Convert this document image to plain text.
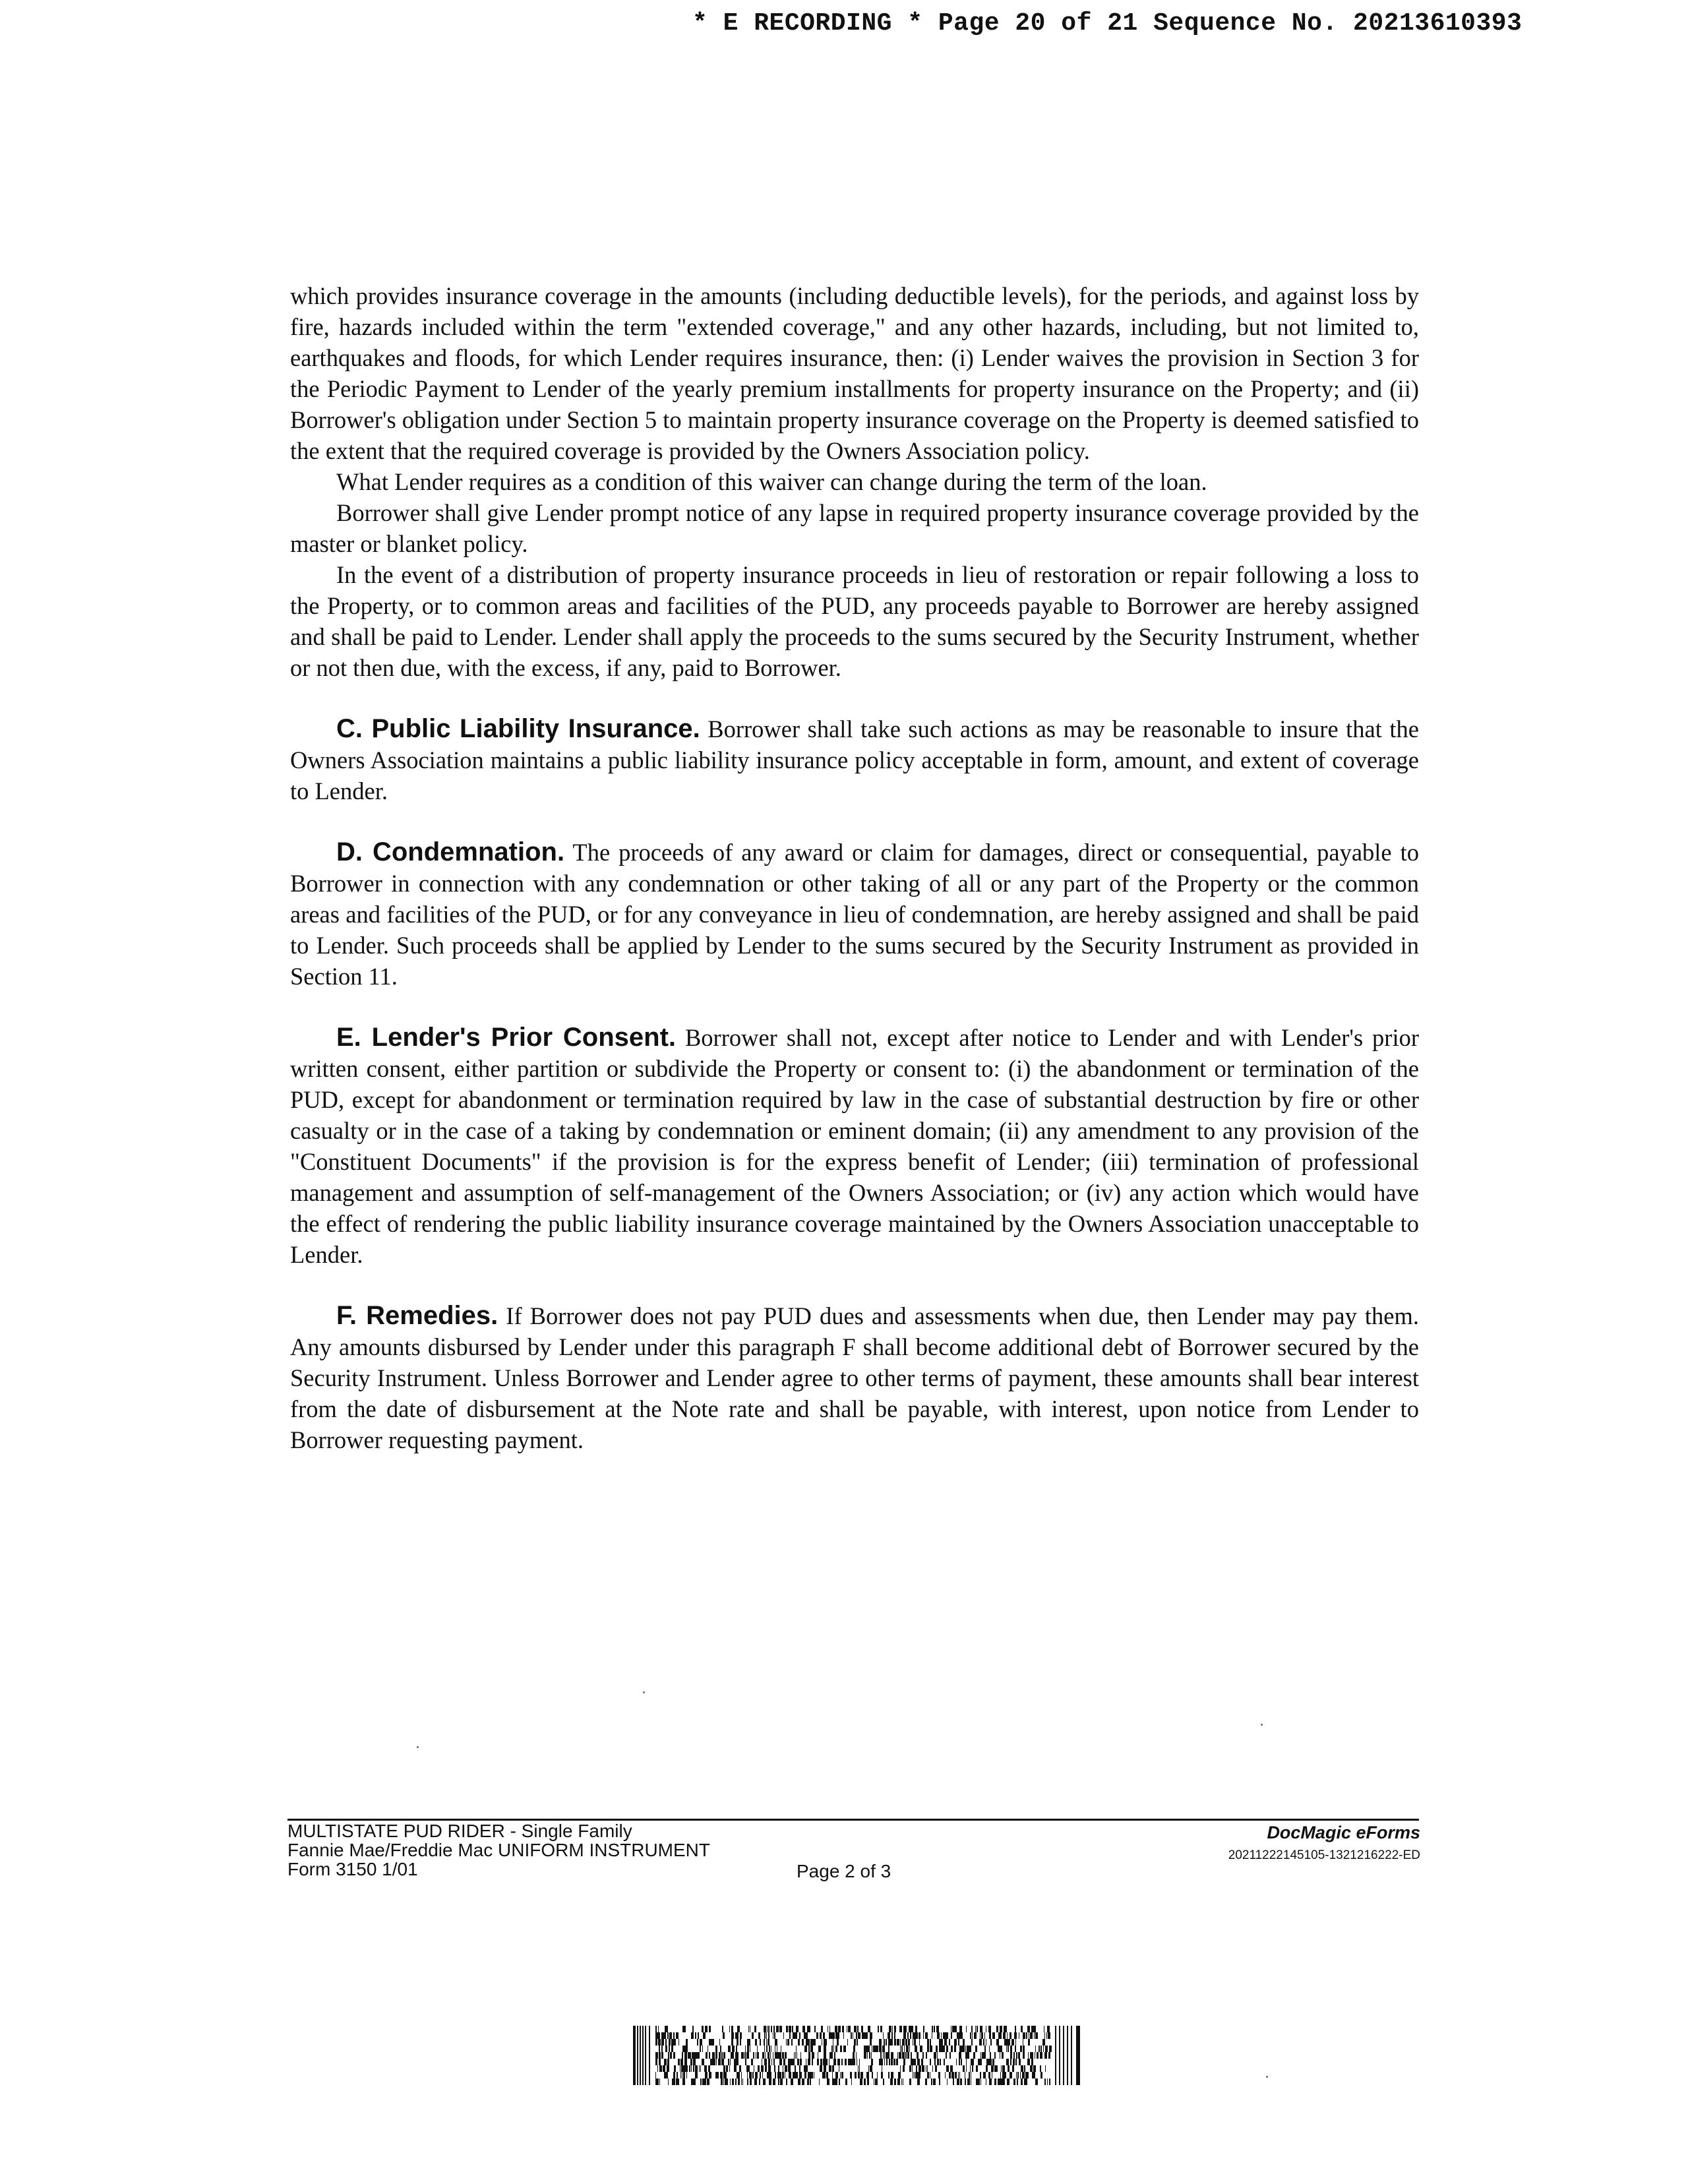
* E RECORDING * Page 20 of 21 Sequence No. 20213610393

which provides insurance coverage in the amounts (including deductible levels), for the periods, and against loss by fire, hazards included within the term "extended coverage," and any other hazards, including, but not limited to, earthquakes and floods, for which Lender requires insurance, then: (i) Lender waives the provision in Section 3 for the Periodic Payment to Lender of the yearly premium installments for property insurance on the Property; and (ii) Borrower's obligation under Section 5 to maintain property insurance coverage on the Property is deemed satisfied to the extent that the required coverage is provided by the Owners Association policy.

What Lender requires as a condition of this waiver can change during the term of the loan.

Borrower shall give Lender prompt notice of any lapse in required property insurance coverage provided by the master or blanket policy.

In the event of a distribution of property insurance proceeds in lieu of restoration or repair following a loss to the Property, or to common areas and facilities of the PUD, any proceeds payable to Borrower are hereby assigned and shall be paid to Lender. Lender shall apply the proceeds to the sums secured by the Security Instrument, whether or not then due, with the excess, if any, paid to Borrower.

C. Public Liability Insurance. Borrower shall take such actions as may be reasonable to insure that the Owners Association maintains a public liability insurance policy acceptable in form, amount, and extent of coverage to Lender.

D. Condemnation. The proceeds of any award or claim for damages, direct or consequential, payable to Borrower in connection with any condemnation or other taking of all or any part of the Property or the common areas and facilities of the PUD, or for any conveyance in lieu of condemnation, are hereby assigned and shall be paid to Lender. Such proceeds shall be applied by Lender to the sums secured by the Security Instrument as provided in Section 11.

E. Lender's Prior Consent. Borrower shall not, except after notice to Lender and with Lender's prior written consent, either partition or subdivide the Property or consent to: (i) the abandonment or termination of the PUD, except for abandonment or termination required by law in the case of substantial destruction by fire or other casualty or in the case of a taking by condemnation or eminent domain; (ii) any amendment to any provision of the "Constituent Documents" if the provision is for the express benefit of Lender; (iii) termination of professional management and assumption of self-management of the Owners Association; or (iv) any action which would have the effect of rendering the public liability insurance coverage maintained by the Owners Association unacceptable to Lender.

F. Remedies. If Borrower does not pay PUD dues and assessments when due, then Lender may pay them. Any amounts disbursed by Lender under this paragraph F shall become additional debt of Borrower secured by the Security Instrument. Unless Borrower and Lender agree to other terms of payment, these amounts shall bear interest from the date of disbursement at the Note rate and shall be payable, with interest, upon notice from Lender to Borrower requesting payment.

MULTISTATE PUD RIDER - Single Family
Fannie Mae/Freddie Mac UNIFORM INSTRUMENT
Form 3150 1/01	Page 2 of 3
DocMagic eForms
20211222145105-1321216222-ED
